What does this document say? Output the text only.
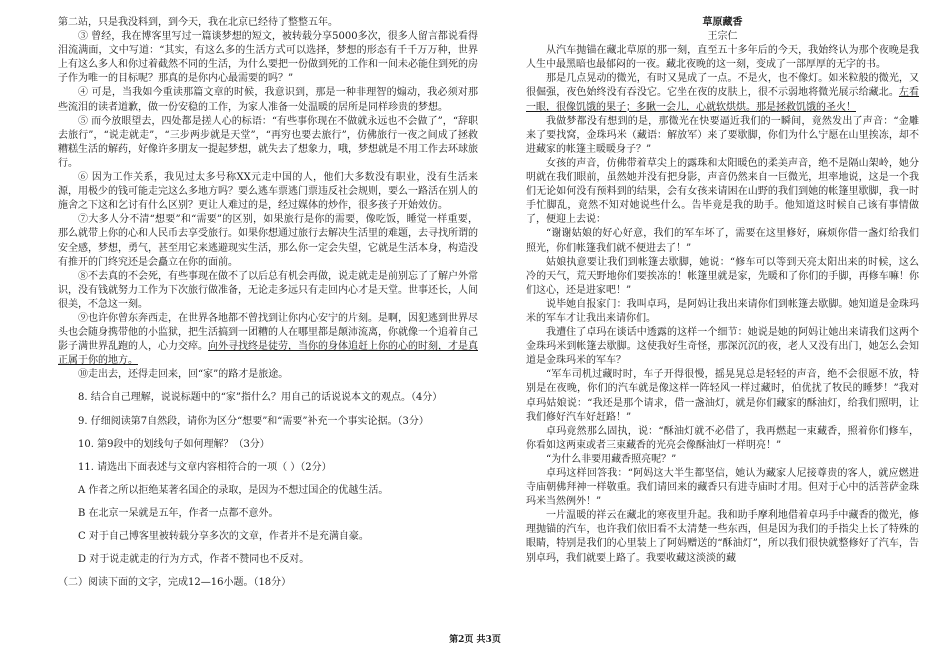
第二站，只是我没料到，到今天，我在北京已经待了整整五年。

③ 曾经，我在博客里写过一篇谈梦想的短文，被转载分享5000多次，很多人留言都说看得泪流满面，文中写道：“其实，有这么多的生活方式可以选择，梦想的形态有千千万万种，世界上有这么多人和你过着截然不同的生活，为什么要把一份做到死的工作和一间未必能住到死的房子作为唯一的目标呢？那真的是你内心最需要的吗？”

④ 可是，当我如今重读那篇文章的时候，我意识到，那是一种非理智的煽动，我必须对那些流泪的读者道歉，做一份安稳的工作，为家人准备一处温暖的居所是同样珍贵的梦想。

⑤ 而今放眼望去，四处都是搓人心的标语：“有些事你现在不做就永远也不会做了”，“辞职去旅行”，“说走就走”，“三步两步就是天堂”，“再穷也要去旅行”，仿佛旅行一夜之间成了拯救糟糕生活的解药，好像许多朋友一提起梦想，就失去了想象力，哦，梦想就是不用工作去环球旅行。

⑥ 因为工作关系，我见过太多号称XX元走中国的人，他们大多数没有职业，没有生活来源，用极少的钱可能走完这么多地方吗？要么逃车票逃门票违反社会规则，要么一路活在别人的施舍之下这和乞讨有什么区别？更让人难过的是，经过媒体的炒作，很多孩子开始效仿。

⑦大多人分不清“想要”和“需要”的区别，如果旅行是你的需要，像吃饭，睡觉一样重要，那么就带上你的心和人民币去享受旅行。如果你想通过旅行去解决生活里的难题，去寻找所谓的安全感，梦想，勇气，甚至用它来逃避现实生活，那么你一定会失望，它就是生活本身，构造没有推开的门终究还是会矗立在你的面前。

⑧不去真的不会死，有些事现在做不了以后总有机会再做，说走就走是前别忘了了解户外常识，没有钱就努力工作为下次旅行做准备，无论走多远只有走回内心才是天堂。世事还长，人间很美，不急这一刻。

⑨也许你曾东奔西走，在世界各地都不曾找到让你内心安宁的片刻。是啊，因犯逃到世界尽头也会随身携带他的小监狱，把生活搞到一团糟的人在哪里都是颠沛流离，你就像一个追着自己影子满世界乱跑的人，心力交瘁。向外寻找终是徒劳，当你的身体追赶上你的心的时刻，才是真正属于你的地方。

⑩走出去，还得走回来，回“家”的路才是旅途。

8. 结合自己理解，说说标题中的“家”指什么？用自己的话说说本文的观点。（4分）

9. 仔细阅读第7自然段，请你为区分“想要”和“需要”补充一个事实论据。（3分）

10. 第9段中的划线句子如何理解？（3分）

11. 请选出下面表述与文章内容相符合的一项（ ）（2分）

A 作者之所以拒绝某著名国企的录取，是因为不想过国企的优越生活。

B 在北京一呆就是五年，作者一点都不意外。

C 对于自己博客里被转载分享多次的文章，作者并不是充满自豪。

D 对于说走就走的行为方式，作者不赞同也不反对。

（二）阅读下面的文字，完成12—16小题。（18分）

草原藏香

王宗仁

从汽车抛锚在藏北草原的那一刻，直至五十多年后的今天，我始终认为那个夜晚是我人生中最黑暗也最郁闷的一夜。藏北夜晚的这一刻，变成了一部厚厚的无字的书。

那是几点晃动的微光，有时又晃成了一点。不是火，也不像灯。如米粒般的微光，又很倔强，夜色始终没有吞没它。它坐在夜的皮肤上，很不示弱地将微光展示给藏北。左看一眼，很像饥饿的果子；多瞅一会儿，心就软烘烘。那是拯救饥饿的圣火！

我做梦都没有想到的是，那微光在快要逼近我们的一瞬间，竟然发出了声音：“金雕来了要找窝，金珠玛米（藏语：解放军）来了要歇脚，你们为什么宁愿在山里挨冻，却不进藏家的帐篷主暖暖身子？”

女孩的声音，仿佛带着草尖上的露珠和太阳暖色的柔美声音，绝不是隔山架岭，她分明就在我们眼前，虽然她并没有把身影，声音仍然来自一巨微光，坦率地说，这是一个我们无论如何没有预料到的结果，会有女孩来请困在山野的我们到她的帐篷里歇脚，我一时手忙脚乱，竟然不知对她说些什么。告毕竟是我的助手。他知道这时候自己该有事情做了，便迎上去说：

“谢谢姑娘的好心好意，我们的军车坏了，需要在这里修好，麻烦你借一盏灯给我们照光，你们帐篷我们就不便进去了！”

姑娘执意要让我们到帐篷去歇脚，她说：“修车可以等到天亮太阳出来的时候，这么冷的天气，荒天野地你们要挨冻的！帐篷里就是家，先暖和了你们的手脚，再修车嘛！你们这心，还是进家吧！”

说毕她自报家门：我叫卓玛，是阿妈让我出来请你们到帐篷去歇脚。她知道是金珠玛米的军车才让我出来请你们。

我遭住了卓玛在谈话中透露的这样一个细节：她说是她的阿妈让她出来请我们这两个金珠玛米到帐篷去歇脚。这使我好生奇怪，那深沉沉的夜，老人又没有出门，她怎么会知道是金珠玛米的军车？

“军车司机过藏时时，车子开得很慢，摇晃晃总是轻轻的声音，绝不会很愿不放，特别是在夜晚，你们的汽车就是像这样一阵轻风一样过藏时，伯优扰了牧民的睡梦！”我对卓玛姑娘说：“我还是那个请求，借一盏油灯，就是你们藏家的酥油灯，给我们照明，让我们修好汽车好赶路！”

卓玛竟然那么固执，说：“酥油灯就不必借了，我再燃起一束藏香，照着你们修车，你看如这两束或者三束藏香的光亮会像酥油灯一样明亮！”

“为什么非要用藏香照亮呢？”

卓玛这样回答我：“阿妈这大半生都坚信，她认为藏家人尼接尊贵的客人，就应燃进寺庙朝佛拜神一样敬重。我们请回来的藏香只有进寺庙时才用。但对于心中的活菩萨金珠玛米当然例外！”

一片温暖的祥云在藏北的寒夜里升起。我和助手摩利地借着卓玛手中藏香的微光，修理抛锚的汽车，也许我们依旧看不太清楚一些东西，但是因为我们的手指尖上长了特殊的眼睛，特别是我们的心里装上了阿妈赠送的“酥油灯”，所以我们很快就整修好了汽车，告别卓玛，我们就要上路了。我要收藏这淡淡的藏

第2页 共3页
